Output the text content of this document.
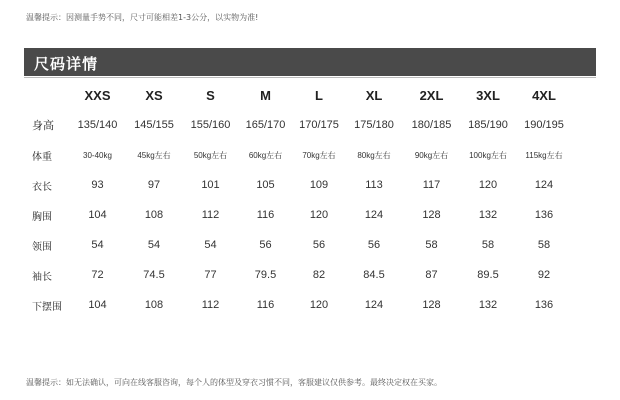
温馨提示：因测量手势不同，尺寸可能相差1-3公分，以实物为准!
尺码详情
	XXS	XS	S	M	L	XL	2XL	3XL	4XL
身高	135/140	145/155	155/160	165/170	170/175	175/180	180/185	185/190	190/195
体重	30-40kg	45kg左右	50kg左右	60kg左右	70kg左右	80kg左右	90kg左右	100kg左右	115kg左右
衣长	93	97	101	105	109	113	117	120	124
胸围	104	108	112	116	120	124	128	132	136
领围	54	54	54	56	56	56	58	58	58
袖长	72	74.5	77	79.5	82	84.5	87	89.5	92
下摆围	104	108	112	116	120	124	128	132	136
温馨提示：如无法确认，可向在线客服咨询，每个人的体型及穿衣习惯不同，客服建议仅供参考。最终决定权在买家。
